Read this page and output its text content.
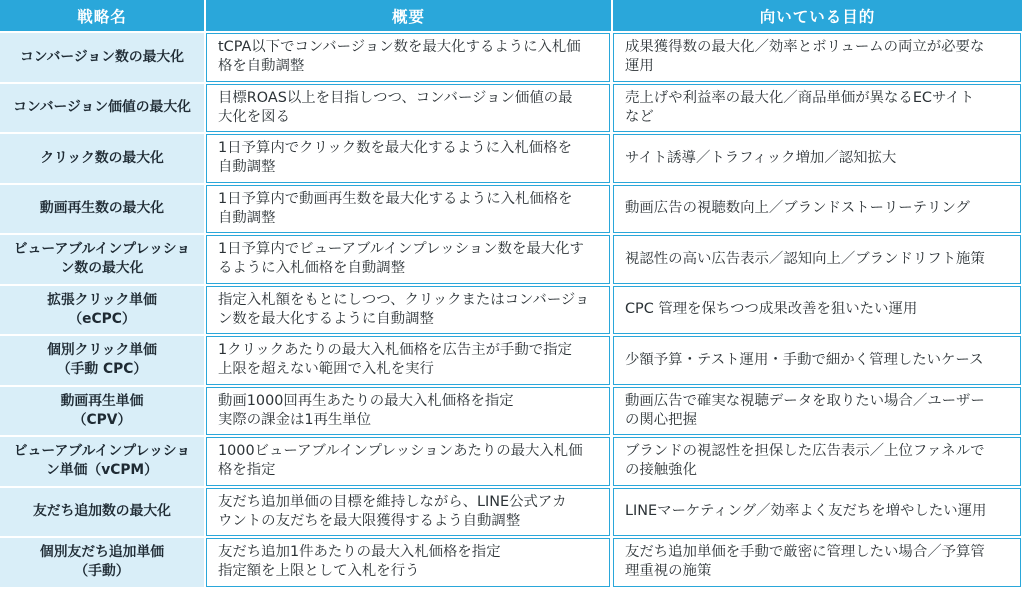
戦略名	概要	向いている目的
コンバージョン数の最大化
tCPA以下でコンバージョン数を最大化するように入札価
格を自動調整
成果獲得数の最大化／効率とボリュームの両立が必要な
運用
コンバージョン価値の最大化
目標ROAS以上を目指しつつ、コンバージョン価値の最
大化を図る
売上げや利益率の最大化／商品単価が異なるECサイト
など
クリック数の最大化
1日予算内でクリック数を最大化するように入札価格を
自動調整
サイト誘導／トラフィック増加／認知拡大
動画再生数の最大化
1日予算内で動画再生数を最大化するように入札価格を
自動調整
動画広告の視聴数向上／ブランドストーリーテリング
ビューアブルインプレッショ
ン数の最大化
1日予算内でビューアブルインプレッション数を最大化す
るように入札価格を自動調整
視認性の高い広告表示／認知向上／ブランドリフト施策
拡張クリック単価
（eCPC）
指定入札額をもとにしつつ、クリックまたはコンバージョ
ン数を最大化するように自動調整
CPC 管理を保ちつつ成果改善を狙いたい運用
個別クリック単価
（手動 CPC）
1クリックあたりの最大入札価格を広告主が手動で指定
上限を超えない範囲で入札を実行
少額予算・テスト運用・手動で細かく管理したいケース
動画再生単価
（CPV）
動画1000回再生あたりの最大入札価格を指定
実際の課金は1再生単位
動画広告で確実な視聴データを取りたい場合／ユーザー
の関心把握
ビューアブルインプレッショ
ン単価（vCPM）
1000ビューアブルインプレッションあたりの最大入札価
格を指定
ブランドの視認性を担保した広告表示／上位ファネルで
の接触強化
友だち追加数の最大化
友だち追加単価の目標を維持しながら、LINE公式アカ
ウントの友だちを最大限獲得するよう自動調整
LINEマーケティング／効率よく友だちを増やしたい運用
個別友だち追加単価
（手動）
友だち追加1件あたりの最大入札価格を指定
指定額を上限として入札を行う
友だち追加単価を手動で厳密に管理したい場合／予算管
理重視の施策
